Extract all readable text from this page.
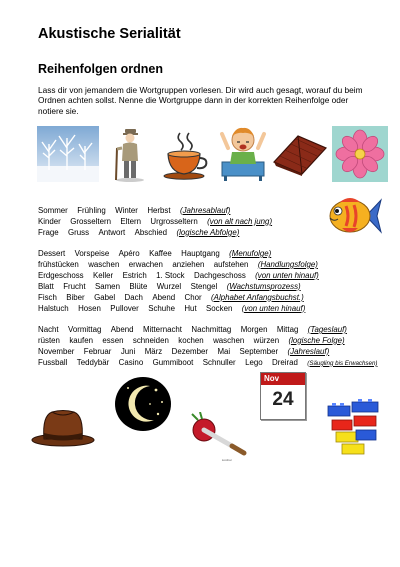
Akustische Serialität
Reihenfolgen ordnen

Lass dir von jemandem die Wortgruppen vorlesen. Dir wird auch gesagt, worauf du beim Ordnen achten sollst. Nenne die Wortgruppe dann in der korrekten Reihenfolge oder notiere sie.

Sommer Frühling Winter Herbst (Jahresablauf)
Kinder Grosseltern Eltern Urgrosseltern (von alt nach jung)
Frage Gruss Antwort Abschied (logische Abfolge)
Dessert Vorspeise Apéro Kaffee Hauptgang (Menufolge)
frühstücken waschen erwachen anziehen aufstehen (Handlungsfolge)
Erdgeschoss Keller Estrich 1. Stock Dachgeschoss (von unten hinauf)
Blatt Frucht Samen Blüte Wurzel Stengel (Wachstumsprozess)
Fisch Biber Gabel Dach Abend Chor (Alphabet Anfangsbuchst.)
Halstuch Hosen Pullover Schuhe Hut Socken (von unten hinauf)
Nacht Vormittag Abend Mitternacht Nachmittag Morgen Mittag (Tageslauf)
rüsten kaufen essen schneiden kochen waschen würzen (logische Folge)
November Februar Juni März Dezember Mai September (Jahreslauf)
Fussball Teddybär Casino Gummiboot Schnuller Lego Dreirad (Säugling bis Erwachsen)
kostbar
Nov
24
